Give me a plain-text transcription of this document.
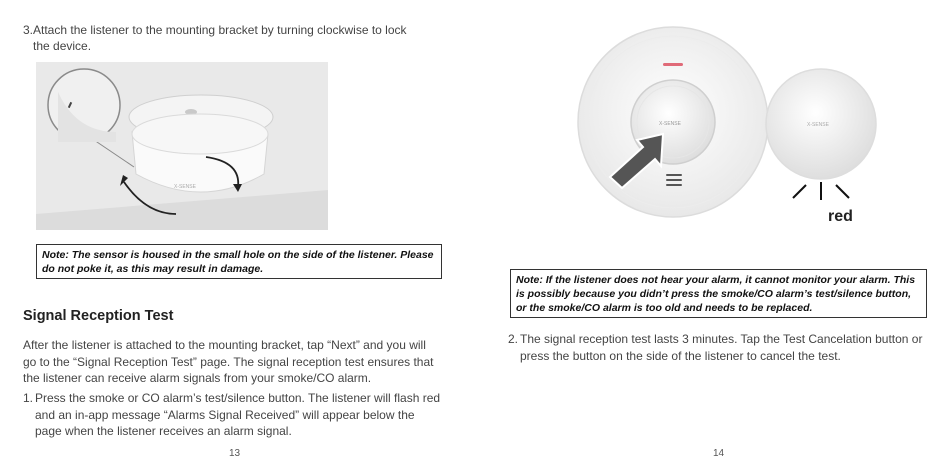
3. Attach the listener to the mounting bracket by turning clockwise to lock the device.
X-SENSE
Note: The sensor is housed in the small hole on the side of the listener. Please do not poke it, as this may result in damage.
Signal Reception Test
After the listener is attached to the mounting bracket, tap “Next” and you will go to the “Signal Reception Test” page. The signal reception test ensures that the listener can receive alarm signals from your smoke/CO alarm.
1. Press the smoke or CO alarm’s test/silence button. The listener will flash red and an in-app message “Alarms Signal Received” will appear below the page when the listener receives an alarm signal.
13
X-SENSE	X-SENSE
red
Note: If the listener does not hear your alarm, it cannot monitor your alarm. This is possibly because you didn’t press the smoke/CO alarm’s test/silence button, or the smoke/CO alarm is too old and needs to be replaced.
2. The signal reception test lasts 3 minutes. Tap the Test Cancelation button or press the button on the side of the listener to cancel the test.
14
